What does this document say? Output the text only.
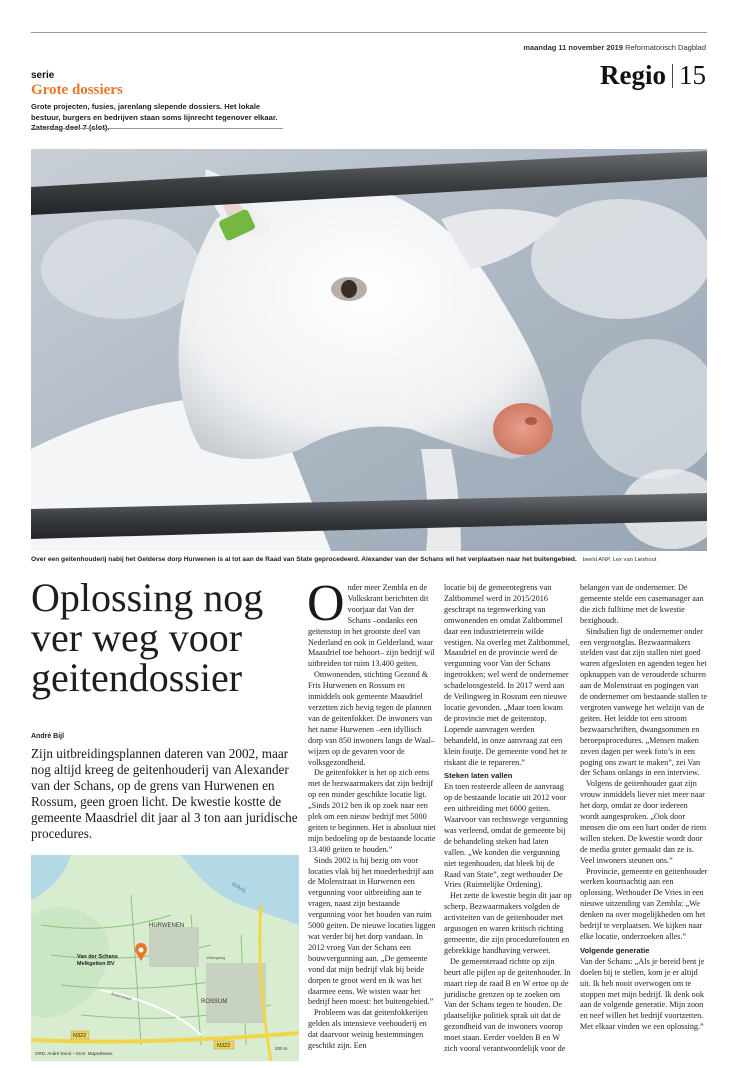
maandag 11 november 2019 Reformatorisch Dagblad
Regio 15
serie
Grote dossiers
Grote projecten, fusies, jarenlang slepende dossiers. Het lokale bestuur, burgers en bedrijven staan soms lijnrecht tegenover elkaar.
Over een geitenhouderij nabij het Gelderse dorp Hurwenen is al tot aan de Raad van State geprocedeerd. Alexander van der Schans wil het verplaatsen naar het buitengebied. beeld ANP, Lex van Lieshout
Oplossing nog ver weg voor geitendossier
André Bijl
Zijn uitbreidingsplannen dateren van 2002, maar nog altijd kreeg de geitenhouderij van Alexander van der Schans, op de grens van Hurwenen en Rossum, geen groen licht. De kwestie kostte de gemeente Maasdriel dit jaar al 3 ton aan juridische procedures.
HURWENEN
ROSSUM
WAAL
Van der Schans
Melkgeiten BV
N322
N322
Molenstraat
Veilingweg
200 m
GRD, André Dorst – bron: Maps4News
O nder meer Zembla en de Volkskrant berichtten dit voorjaar dat Van der Schans –ondanks een geitenstop in het grootste deel van Nederland en ook in Gelderland, waar Maasdriel toe behoort– zijn bedrijf wil uitbreiden tot ruim 13.400 geiten.

Omwonenden, stichting Gezond & Fris Hurwenen en Rossum en inmiddels ook gemeente Maasdriel verzetten zich hevig tegen de plannen van de geitenfokker. De inwoners van het name Hurwenen –een idyllisch dorp van 850 inwoners langs de Waal– wijzen op de gevaren voor de volksgezondheid.

De geitenfokker is het op zich eens met de bezwaarmakers dat zijn bedrijf op een minder geschikte locatie ligt. „Sinds 2012 ben ik op zoek naar een plek om een nieuw bedrijf met 5000 geiten te beginnen. Het is absoluut niet mijn bedoeling op de bestaande locatie 13.400 geiten te houden.”

Sinds 2002 is hij bezig om voor locaties vlak bij het moederbedrijf aan de Molenstraat in Hurwenen een vergunning voor uitbreiding aan te vragen, naast zijn bestaande vergunning voor het houden van ruim 5000 geiten. De nieuwe locaties liggen wat verder bij het dorp vandaan. In 2012 vroeg Van der Schans een bouwvergunning aan. „De gemeente vond dat mijn bedrijf vlak bij beide dorpen te groot werd en ik was het daarmee eens. We wisten waar het bedrijf heen moest: het buitengebied.”

Probleem was dat geitenfokkerijen gelden als intensieve veehouderij en dat daarvoor weinig bestemmingen geschikt zijn. Een

locatie bij de gemeentegrens van Zaltbommel werd in 2015/2016 geschrapt na tegenwerking van omwonenden en omdat Zaltbommel daar een industrieterrein wilde vestigen. Na overleg met Zaltbommel, Maasdriel en de provincie werd de vergunning voor Van der Schans ingetrokken; wel werd de ondernemer schadeloosgesteld. In 2017 werd aan de Veilingweg in Rossum een nieuwe locatie gevonden. „Maar toen kwam de provincie met de geitenstop. Lopende aanvragen werden behandeld, in onze aanvraag zat een klein foutje. De gemeente vond het te riskant die te repareren.”

Steken laten vallen

En toen resteerde alleen de aanvraag op de bestaande locatie uit 2012 voor een uitbreiding met 6000 geiten. Waarvoor van rechtswege vergunning was verleend, omdat de gemeente bij de behandeling steken had laten vallen. „We konden die vergunning niet tegenhouden, dat bleek bij de Raad van State”, zegt wethouder De Vries (Ruimtelijke Ordening).

Het zette de kwestie begin dit jaar op scherp. Bezwaarmakers volgden de activiteiten van de geitenhouder met argusogen en waren kritisch richting gemeente, die zijn procedurefouten en gebrekkige handhaving verweet.

De gemeenteraad richtte op zijn beurt alle pijlen op de geitenhouder. In maart riep de raad B en W ertoe op de juridische grenzen op te zoeken om Van der Schans tegen te houden. De plaatselijke politiek sprak uit dat de gezondheid van de inwoners voorop moet staan. Eerder voelden B en W zich vooral verantwoordelijk voor de

belangen van de ondernemer. De gemeente stelde een casemanager aan die zich fulltime met de kwestie bezighoudt.

Sindsdien ligt de ondernemer onder een vergrootglas. Bezwaarmakers stelden vast dat zijn stallen niet goed waren afgesloten en agenden tegen het opknappen van de verouderde schuren aan de Molenstraat en pogingen van de ondernemer om bestaande stallen te vergroten vanwege het welzijn van de geiten. Het leidde tot een stroom bezwaarschriften, dwangsommen en beroepsprocedures. „Mensen maken zeven dagen per week foto’s in een poging ons zwart te maken”, zei Van der Schans onlangs in een interview.

Volgens de geitenhouder gaat zijn vrouw inmiddels liever niet meer naar het dorp, omdat ze door iedereen wordt aangesproken. „Ook door mensen die ons een hart onder de riem willen steken. De kwestie wordt door de media groter gemaakt dan ze is. Veel inwoners steunen ons.”

Provincie, gemeente en geitenhouder werken koortsachtig aan een oplossing. Wethouder De Vries in een nieuwe uitzending van Zembla: „We denken na over mogelijkheden om het bedrijf te verplaatsen. We kijken naar elke locatie, onderzoeken alles.”

Volgende generatie

Van der Schans: „Als je bereid bent je doelen bij te stellen, kom je er altijd uit. Ik heb nooit overwogen om te stoppen met mijn bedrijf. Ik denk ook aan de volgende generatie. Mijn zoon en neef willen het bedrijf voortzetten. Met elkaar vinden we een oplossing.”
